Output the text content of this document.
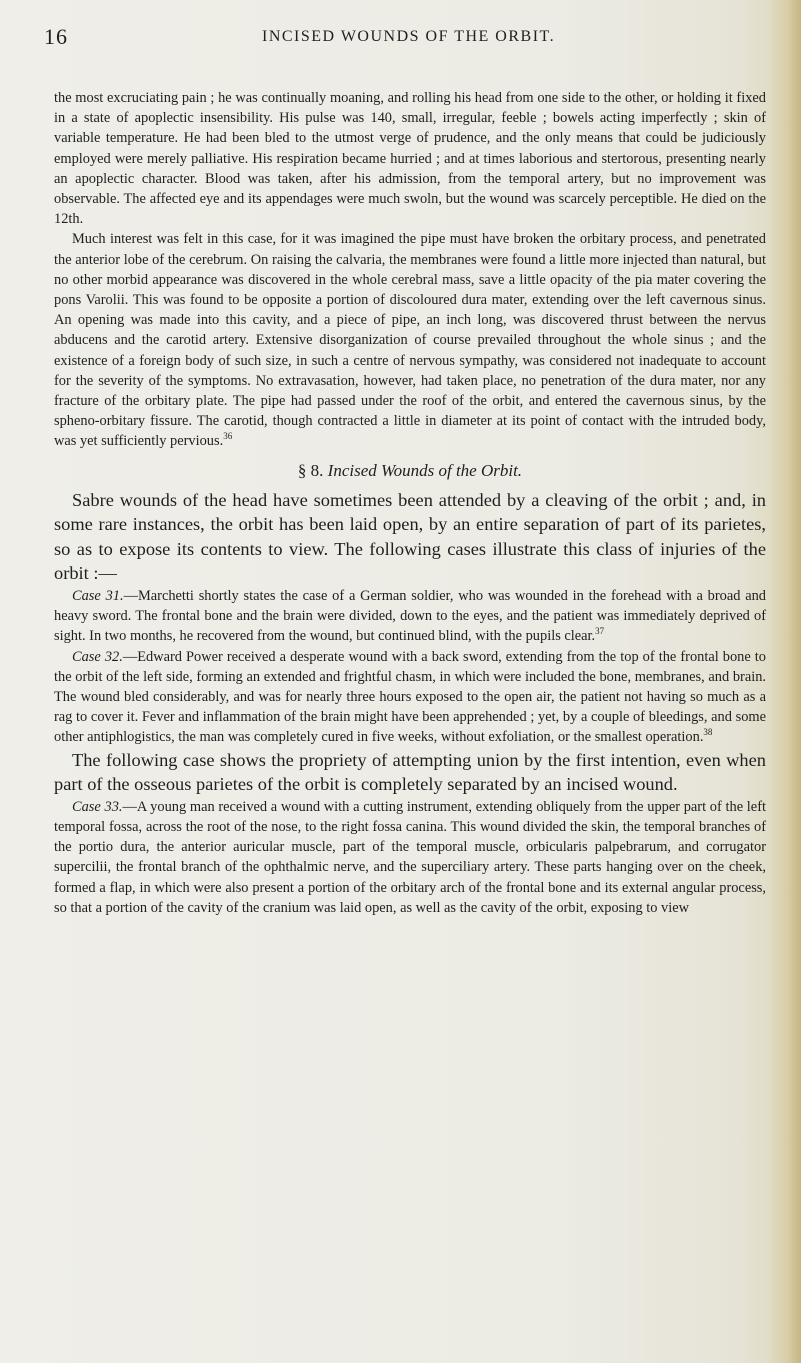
16	INCISED WOUNDS OF THE ORBIT.

the most excruciating pain ; he was continually moaning, and rolling his head from one side to the other, or holding it fixed in a state of apoplectic insensibility. His pulse was 140, small, irregular, feeble ; bowels acting imperfectly ; skin of variable temperature. He had been bled to the utmost verge of prudence, and the only means that could be judiciously employed were merely palliative. His respiration became hurried ; and at times laborious and stertorous, presenting nearly an apoplectic character. Blood was taken, after his admission, from the temporal artery, but no improvement was observable. The affected eye and its appendages were much swoln, but the wound was scarcely perceptible. He died on the 12th.

Much interest was felt in this case, for it was imagined the pipe must have broken the orbitary process, and penetrated the anterior lobe of the cerebrum. On raising the calvaria, the membranes were found a little more injected than natural, but no other morbid appearance was discovered in the whole cerebral mass, save a little opacity of the pia mater covering the pons Varolii. This was found to be opposite a portion of discoloured dura mater, extending over the left cavernous sinus. An opening was made into this cavity, and a piece of pipe, an inch long, was discovered thrust between the nervus abducens and the carotid artery. Extensive disorganization of course prevailed throughout the whole sinus ; and the existence of a foreign body of such size, in such a centre of nervous sympathy, was considered not inadequate to account for the severity of the symptoms. No extravasation, however, had taken place, no penetration of the dura mater, nor any fracture of the orbitary plate. The pipe had passed under the roof of the orbit, and entered the cavernous sinus, by the spheno-orbitary fissure. The carotid, though contracted a little in diameter at its point of contact with the intruded body, was yet sufficiently pervious.$^{36}$

§ 8. Incised Wounds of the Orbit.

Sabre wounds of the head have sometimes been attended by a cleaving of the orbit ; and, in some rare instances, the orbit has been laid open, by an entire separation of part of its parietes, so as to expose its contents to view. The following cases illustrate this class of injuries of the orbit :—

Case 31.—Marchetti shortly states the case of a German soldier, who was wounded in the forehead with a broad and heavy sword. The frontal bone and the brain were divided, down to the eyes, and the patient was immediately deprived of sight. In two months, he recovered from the wound, but continued blind, with the pupils clear.$^{37}$

Case 32.—Edward Power received a desperate wound with a back sword, extending from the top of the frontal bone to the orbit of the left side, forming an extended and frightful chasm, in which were included the bone, membranes, and brain. The wound bled considerably, and was for nearly three hours exposed to the open air, the patient not having so much as a rag to cover it. Fever and inflammation of the brain might have been apprehended ; yet, by a couple of bleedings, and some other antiphlogistics, the man was completely cured in five weeks, without exfoliation, or the smallest operation.$^{38}$

The following case shows the propriety of attempting union by the first intention, even when part of the osseous parietes of the orbit is completely separated by an incised wound.

Case 33.—A young man received a wound with a cutting instrument, extending obliquely from the upper part of the left temporal fossa, across the root of the nose, to the right fossa canina. This wound divided the skin, the temporal branches of the portio dura, the anterior auricular muscle, part of the temporal muscle, orbicularis palpebrarum, and corrugator supercilii, the frontal branch of the ophthalmic nerve, and the superciliary artery. These parts hanging over on the cheek, formed a flap, in which were also present a portion of the orbitary arch of the frontal bone and its external angular process, so that a portion of the cavity of the cranium was laid open, as well as the cavity of the orbit, exposing to view
